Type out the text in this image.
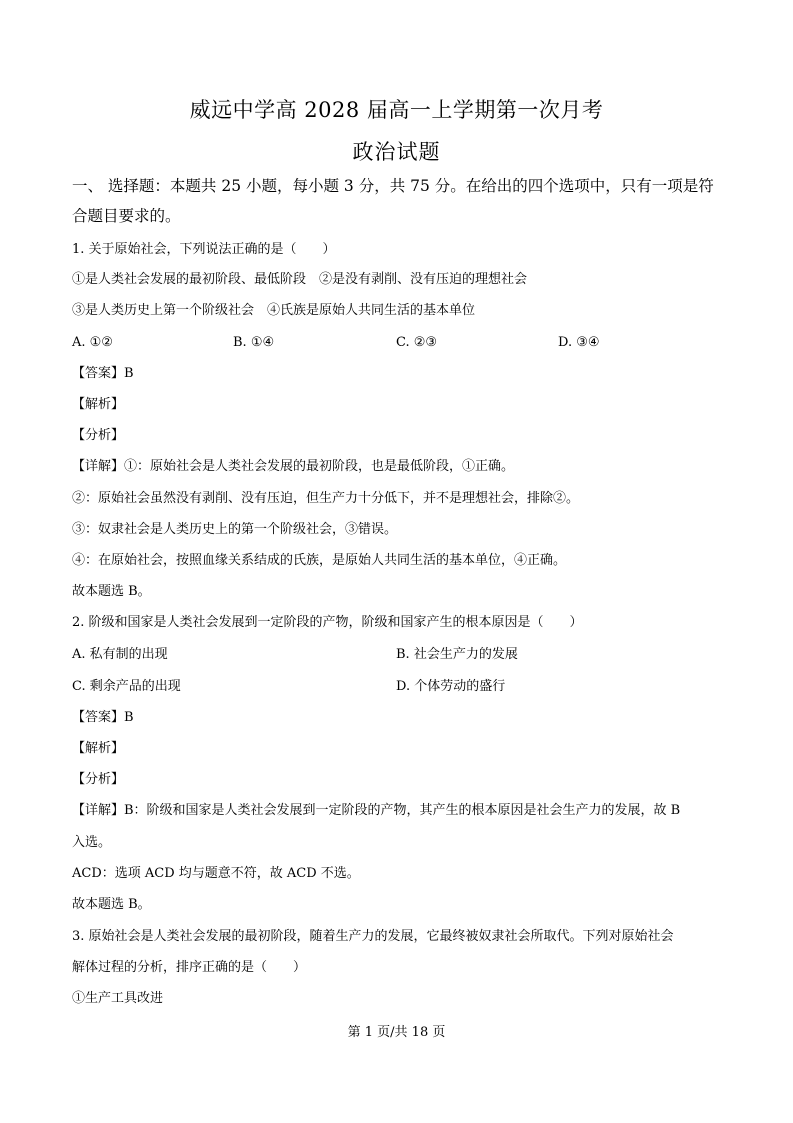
威远中学高 2028 届高一上学期第一次月考
政治试题
一、 选择题：本题共 25 小题，每小题 3 分，共 75 分。在给出的四个选项中，只有一项是符
合题目要求的。
1. 关于原始社会，下列说法正确的是（　　）
①是人类社会发展的最初阶段、最低阶段　②是没有剥削、没有压迫的理想社会
③是人类历史上第一个阶级社会　④氏族是原始人共同生活的基本单位
A. ①②	B. ①④	C. ②③	D. ③④
【答案】B
【解析】
【分析】
【详解】①：原始社会是人类社会发展的最初阶段，也是最低阶段，①正确。
②：原始社会虽然没有剥削、没有压迫，但生产力十分低下，并不是理想社会，排除②。
③：奴隶社会是人类历史上的第一个阶级社会，③错误。
④：在原始社会，按照血缘关系结成的氏族，是原始人共同生活的基本单位，④正确。
故本题选 B。
2. 阶级和国家是人类社会发展到一定阶段的产物，阶级和国家产生的根本原因是（　　）
A. 私有制的出现	B. 社会生产力的发展
C. 剩余产品的出现	D. 个体劳动的盛行
【答案】B
【解析】
【分析】
【详解】B：阶级和国家是人类社会发展到一定阶段的产物，其产生的根本原因是社会生产力的发展，故 B
入选。
ACD：选项 ACD 均与题意不符，故 ACD 不选。
故本题选 B。
3. 原始社会是人类社会发展的最初阶段，随着生产力的发展，它最终被奴隶社会所取代。下列对原始社会
解体过程的分析，排序正确的是（　　）
①生产工具改进
第 1 页/共 18 页
